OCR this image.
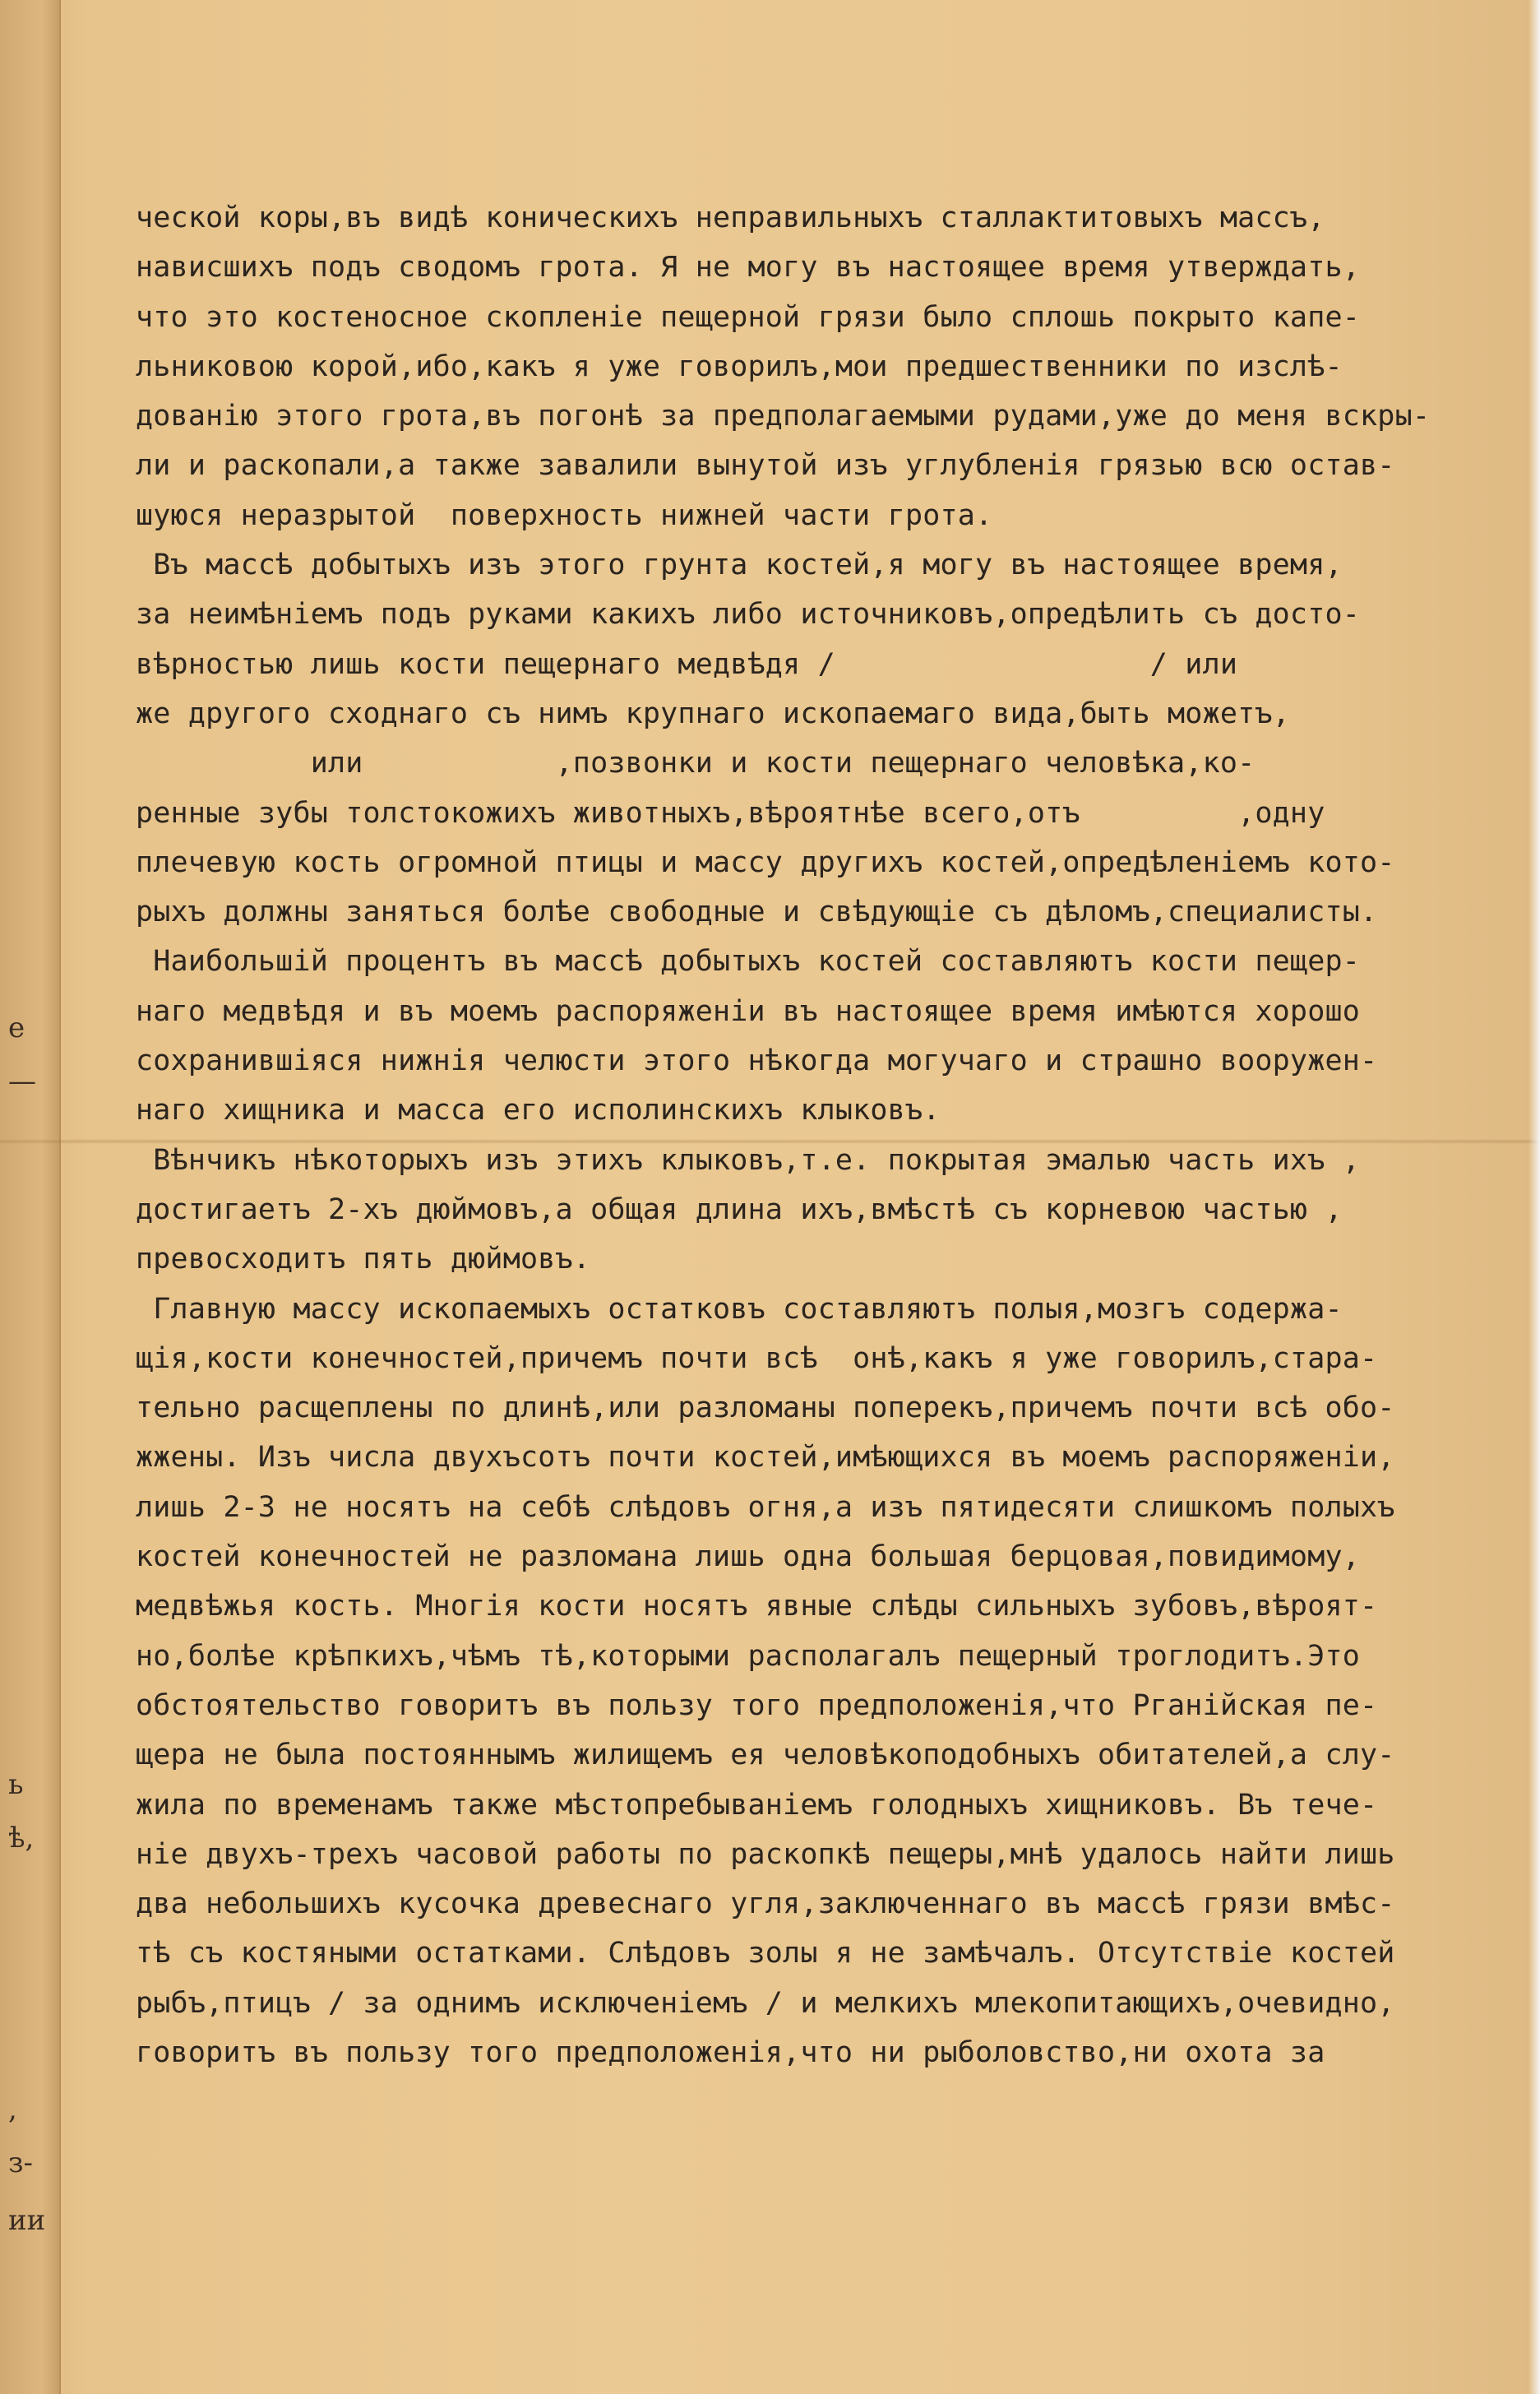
е
—
ь
ѣ,
,
з-
ии
ческой коры,въ видѣ коническихъ неправильныхъ сталлактитовыхъ массъ,
нависшихъ подъ сводомъ грота. Я не могу въ настоящее время утверждать,
что это костеносное скопленіе пещерной грязи было сплошь покрыто капе-
льниковою корой,ибо,какъ я уже говорилъ,мои предшественники по изслѣ-
дованію этого грота,въ погонѣ за предполагаемыми рудами,уже до меня вскры-
ли и раскопали,а также завалили вынутой изъ углубленія грязью всю остав-
шуюся неразрытой  поверхность нижней части грота.
Въ массѣ добытыхъ изъ этого грунта костей,я могу въ настоящее время,
за неимѣніемъ подъ руками какихъ либо источниковъ,опредѣлить съ досто-
вѣрностью лишь кости пещернаго медвѣдя /                  / или
же другого сходнаго съ нимъ крупнаго ископаемаго вида,быть можетъ,
или           ,позвонки и кости пещернаго человѣка,ко-
ренные зубы толстокожихъ животныхъ,вѣроятнѣе всего,отъ         ,одну
плечевую кость огромной птицы и массу другихъ костей,опредѣленіемъ кото-
рыхъ должны заняться болѣе свободные и свѣдующіе съ дѣломъ,специалисты.
Наибольшій процентъ въ массѣ добытыхъ костей составляютъ кости пещер-
наго медвѣдя и въ моемъ распоряженіи въ настоящее время имѣются хорошо
сохранившіяся нижнія челюсти этого нѣкогда могучаго и страшно вооружен-
наго хищника и масса его исполинскихъ клыковъ.
Вѣнчикъ нѣкоторыхъ изъ этихъ клыковъ,т.е. покрытая эмалью часть ихъ ,
достигаетъ 2-хъ дюймовъ,а общая длина ихъ,вмѣстѣ съ корневою частью ,
превосходитъ пять дюймовъ.
Главную массу ископаемыхъ остатковъ составляютъ полыя,мозгъ содержа-
щія,кости конечностей,причемъ почти всѣ  онѣ,какъ я уже говорилъ,стара-
тельно расщеплены по длинѣ,или разломаны поперекъ,причемъ почти всѣ обо-
жжены. Изъ числа двухъсотъ почти костей,имѣющихся въ моемъ распоряженіи,
лишь 2-3 не носятъ на себѣ слѣдовъ огня,а изъ пятидесяти слишкомъ полыхъ
костей конечностей не разломана лишь одна большая берцовая,повидимому,
медвѣжья кость. Многія кости носятъ явные слѣды сильныхъ зубовъ,вѣроят-
но,болѣе крѣпкихъ,чѣмъ тѣ,которыми располагалъ пещерный троглодитъ.Это
обстоятельство говоритъ въ пользу того предположенія,что Рганійская пе-
щера не была постояннымъ жилищемъ ея человѣкоподобныхъ обитателей,а слу-
жила по временамъ также мѣстопребываніемъ голодныхъ хищниковъ. Въ тече-
ніе двухъ-трехъ часовой работы по раскопкѣ пещеры,мнѣ удалось найти лишь
два небольшихъ кусочка древеснаго угля,заключеннаго въ массѣ грязи вмѣс-
тѣ съ костяными остатками. Слѣдовъ золы я не замѣчалъ. Отсутствіе костей
рыбъ,птицъ / за однимъ исключеніемъ / и мелкихъ млекопитающихъ,очевидно,
говоритъ въ пользу того предположенія,что ни рыболовство,ни охота за
